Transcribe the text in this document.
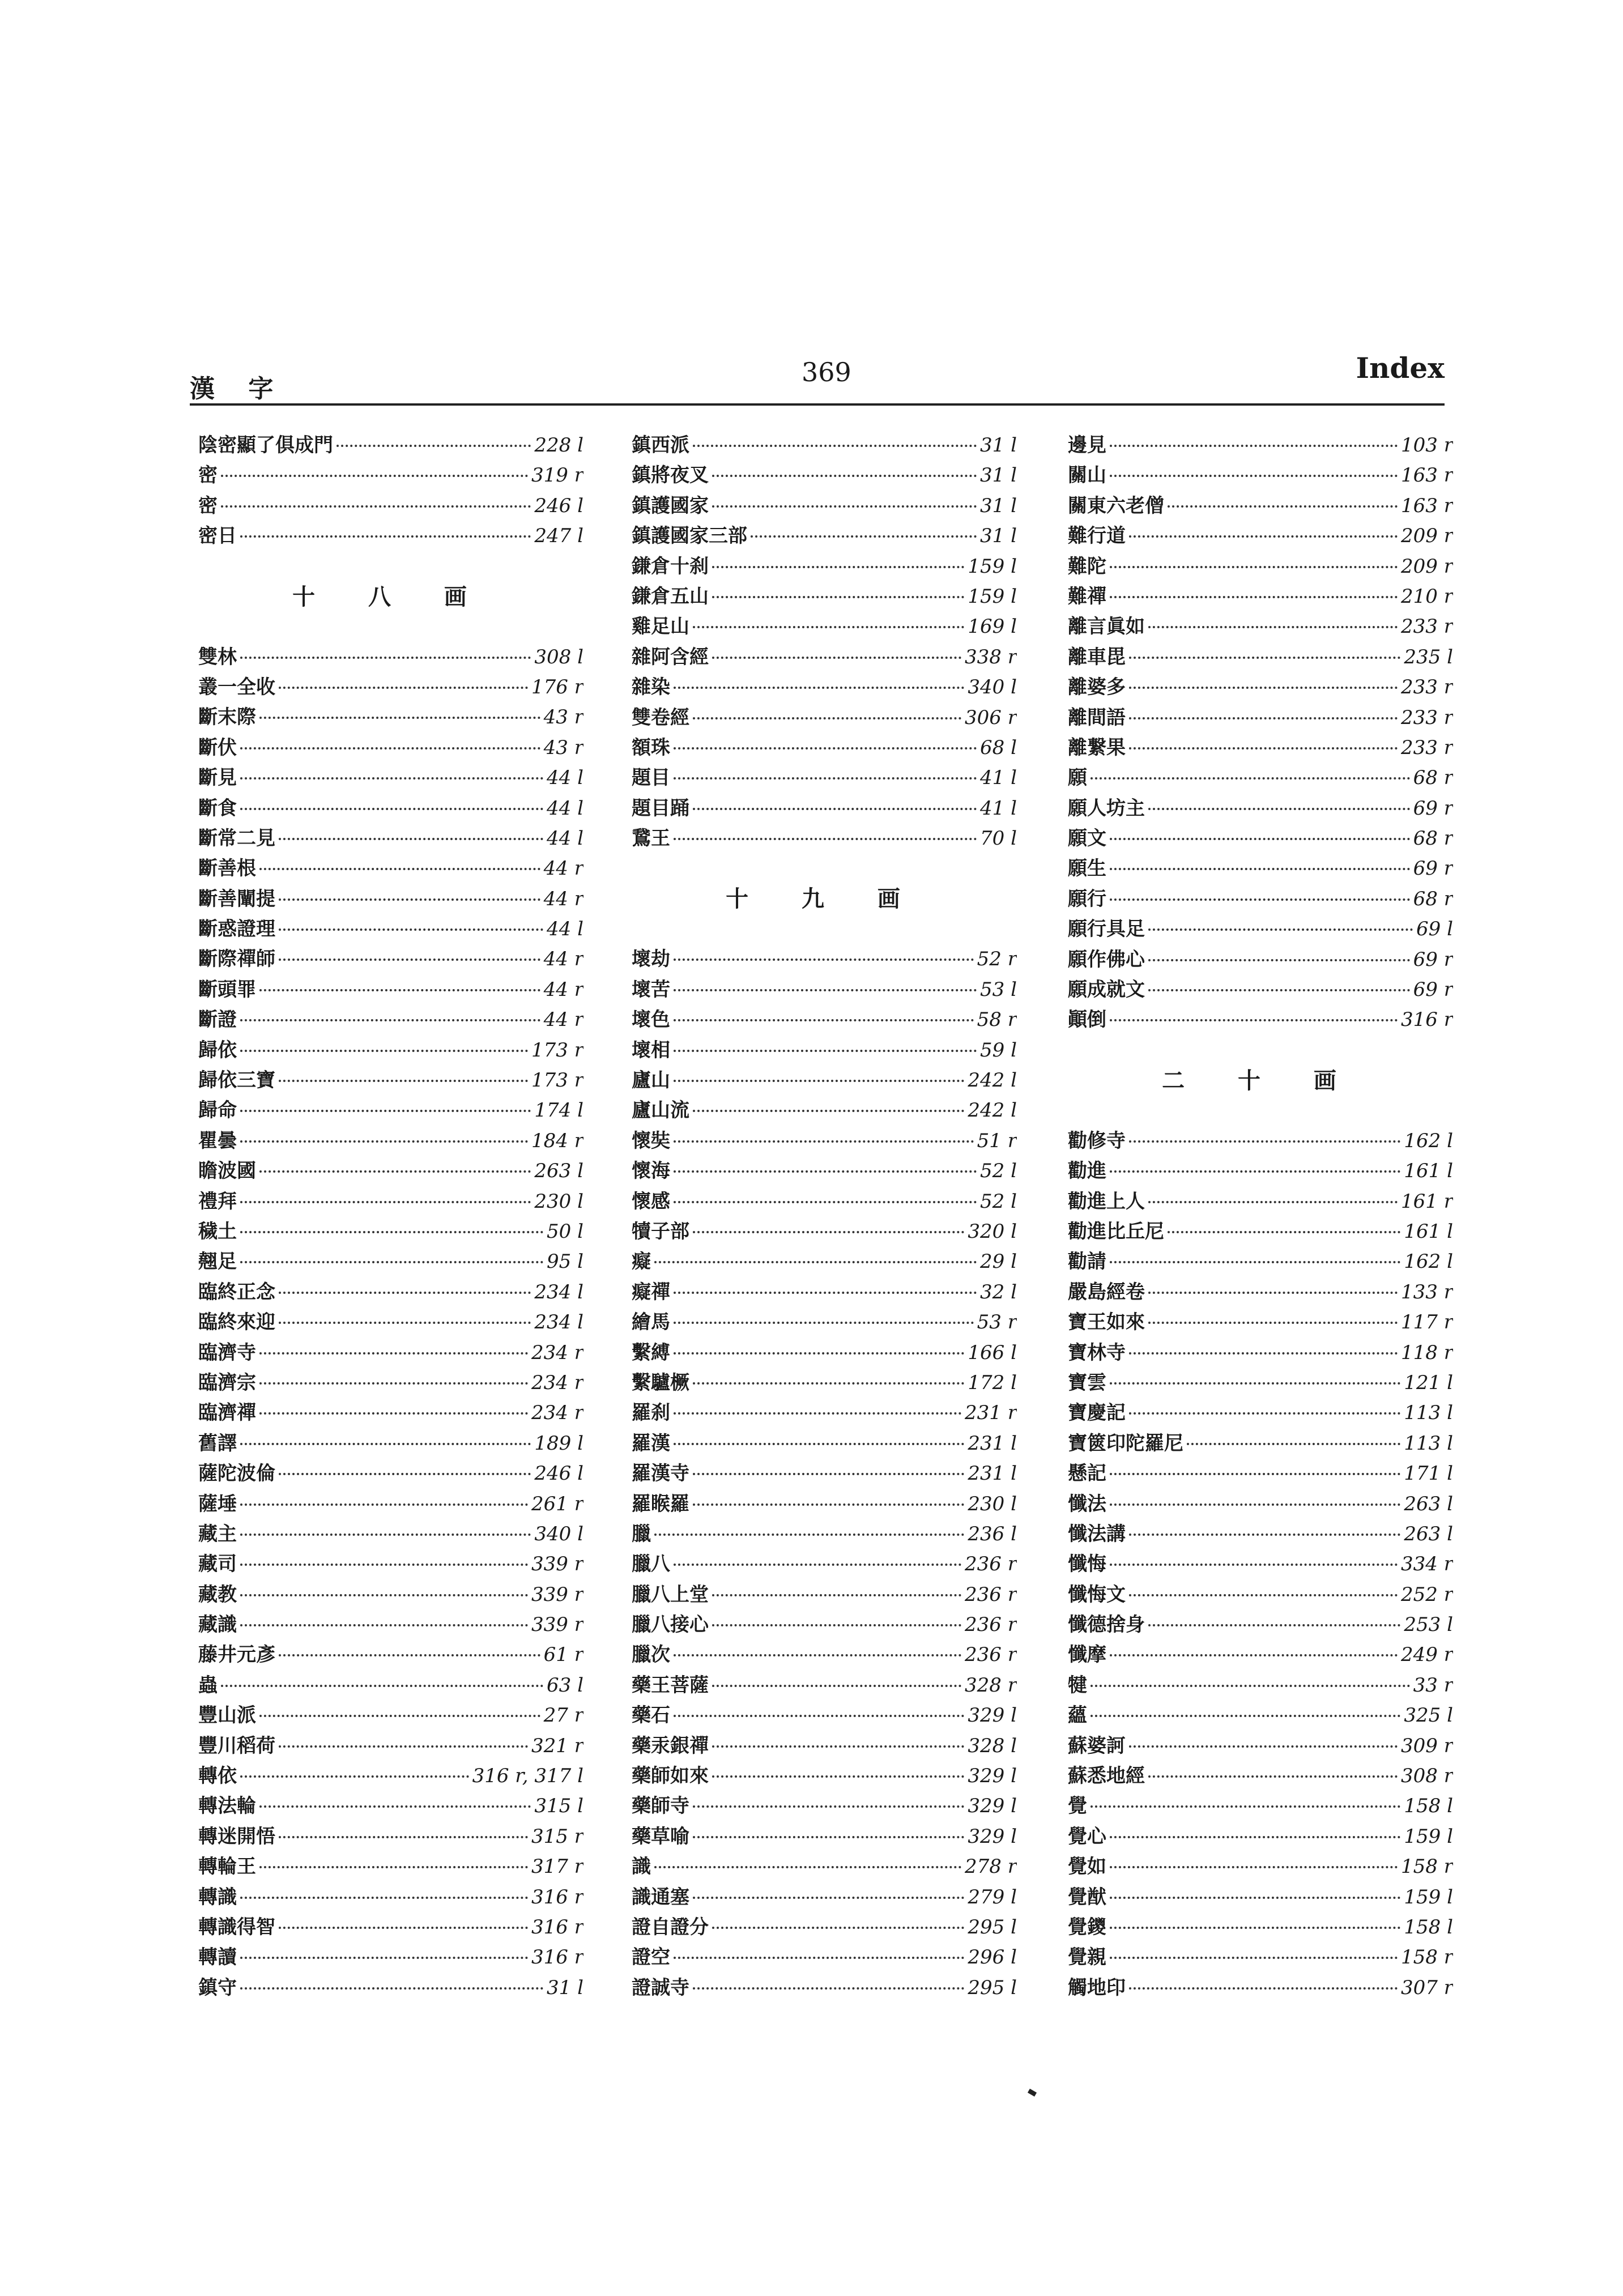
漢 字
369	Index
陰密顯了俱成門	228 l
密	319 r
密	246 l
密日	247 l
十 八 画
雙林	308 l
叢一全收	176 r
斷末際	43 r
斷伏	43 r
斷見	44 l
斷食	44 l
斷常二見	44 l
斷善根	44 r
斷善闡提	44 r
斷惑證理	44 l
斷際禪師	44 r
斷頭罪	44 r
斷證	44 r
歸依	173 r
歸依三寶	173 r
歸命	174 l
瞿曇	184 r
瞻波國	263 l
禮拜	230 l
穢土	50 l
翹足	95 l
臨終正念	234 l
臨終來迎	234 l
臨濟寺	234 r
臨濟宗	234 r
臨濟禪	234 r
舊譯	189 l
薩陀波倫	246 l
薩埵	261 r
藏主	340 l
藏司	339 r
藏教	339 r
藏識	339 r
藤井元彥	61 r
蟲	63 l
豐山派	27 r
豐川稻荷	321 r
轉依	316 r, 317 l
轉法輪	315 l
轉迷開悟	315 r
轉輪王	317 r
轉識	316 r
轉識得智	316 r
轉讀	316 r
鎮守	31 l
鎮西派	31 l
鎮將夜叉	31 l
鎮護國家	31 l
鎮護國家三部	31 l
鎌倉十刹	159 l
鎌倉五山	159 l
雞足山	169 l
雜阿含經	338 r
雜染	340 l
雙卷經	306 r
額珠	68 l
題目	41 l
題目踊	41 l
鵞王	70 l
十 九 画
壞劫	52 r
壞苦	53 l
壞色	58 r
壞相	59 l
廬山	242 l
廬山流	242 l
懷奘	51 r
懷海	52 l
懷感	52 l
犢子部	320 l
癡	29 l
癡禪	32 l
繪馬	53 r
繫縛	166 l
繫驢橛	172 l
羅刹	231 r
羅漢	231 l
羅漢寺	231 l
羅睺羅	230 l
臘	236 l
臘八	236 r
臘八上堂	236 r
臘八接心	236 r
臘次	236 r
藥王菩薩	328 r
藥石	329 l
藥汞銀禪	328 l
藥師如來	329 l
藥師寺	329 l
藥草喻	329 l
識	278 r
識通塞	279 l
證自證分	295 l
證空	296 l
證誠寺	295 l
邊見	103 r
關山	163 r
關東六老僧	163 r
難行道	209 r
難陀	209 r
難禪	210 r
離言眞如	233 r
離車毘	235 l
離婆多	233 r
離間語	233 r
離繋果	233 r
願	68 r
願人坊主	69 r
願文	68 r
願生	69 r
願行	68 r
願行具足	69 l
願作佛心	69 r
願成就文	69 r
顚倒	316 r
二 十 画
勸修寺	162 l
勸進	161 l
勸進上人	161 r
勸進比丘尼	161 l
勸請	162 l
嚴島經卷	133 r
寶王如來	117 r
寶林寺	118 r
寶雲	121 l
寶慶記	113 l
寶篋印陀羅尼	113 l
懸記	171 l
懺法	263 l
懺法講	263 l
懺悔	334 r
懺悔文	252 r
懺德捨身	253 l
懺摩	249 r
犍	33 r
蘊	325 l
蘇婆訶	309 r
蘇悉地經	308 r
覺	158 l
覺心	159 l
覺如	158 r
覺猷	159 l
覺鑁	158 l
覺親	158 r
觸地印	307 r
